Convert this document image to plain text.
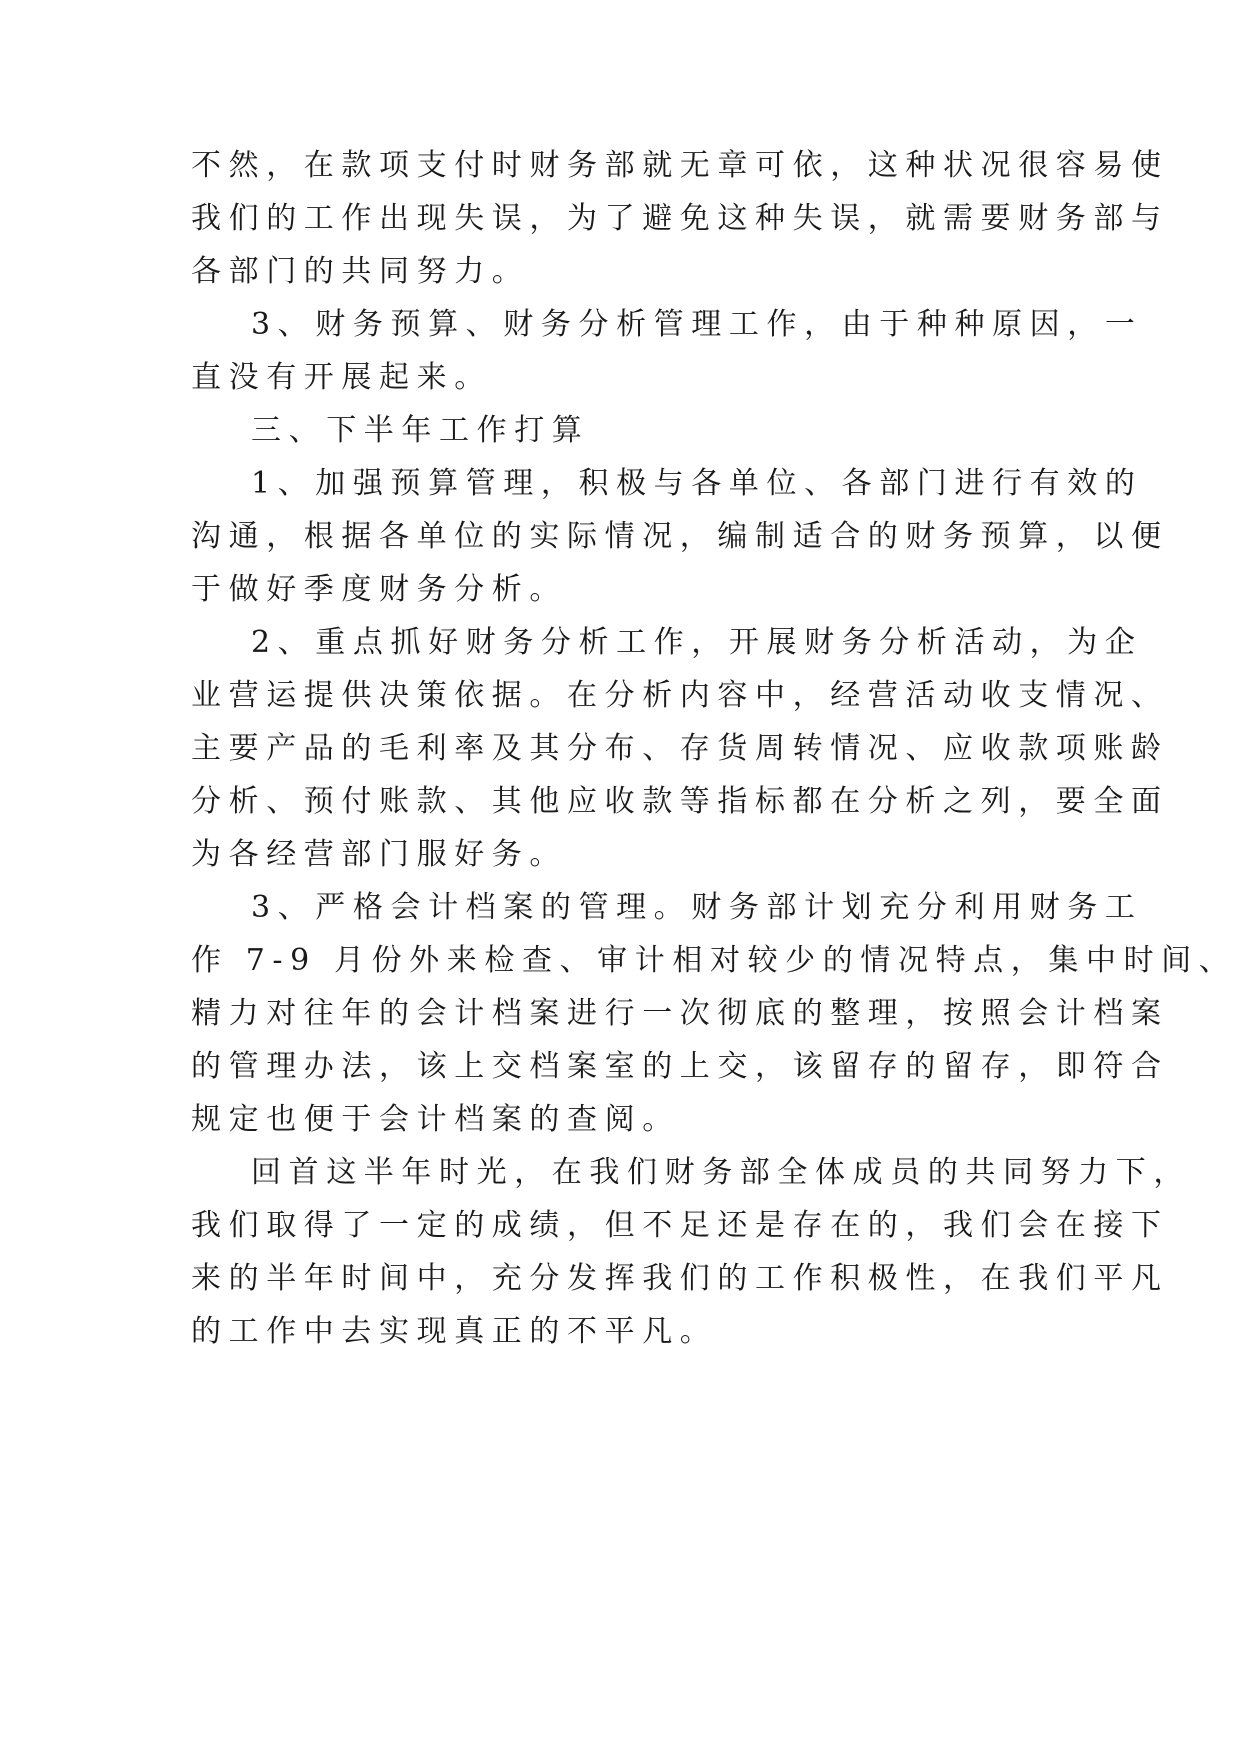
不然，在款项支付时财务部就无章可依，这种状况很容易使
我们的工作出现失误，为了避免这种失误，就需要财务部与
各部门的共同努力。
3、财务预算、财务分析管理工作，由于种种原因，一
直没有开展起来。
三、下半年工作打算
1、加强预算管理，积极与各单位、各部门进行有效的
沟通，根据各单位的实际情况，编制适合的财务预算，以便
于做好季度财务分析。
2、重点抓好财务分析工作，开展财务分析活动，为企
业营运提供决策依据。在分析内容中，经营活动收支情况、
主要产品的毛利率及其分布、存货周转情况、应收款项账龄
分析、预付账款、其他应收款等指标都在分析之列，要全面
为各经营部门服好务。
3、严格会计档案的管理。财务部计划充分利用财务工
作 7-9 月份外来检查、审计相对较少的情况特点，集中时间、
精力对往年的会计档案进行一次彻底的整理，按照会计档案
的管理办法，该上交档案室的上交，该留存的留存，即符合
规定也便于会计档案的查阅。
回首这半年时光，在我们财务部全体成员的共同努力下，
我们取得了一定的成绩，但不足还是存在的，我们会在接下
来的半年时间中，充分发挥我们的工作积极性，在我们平凡
的工作中去实现真正的不平凡。
